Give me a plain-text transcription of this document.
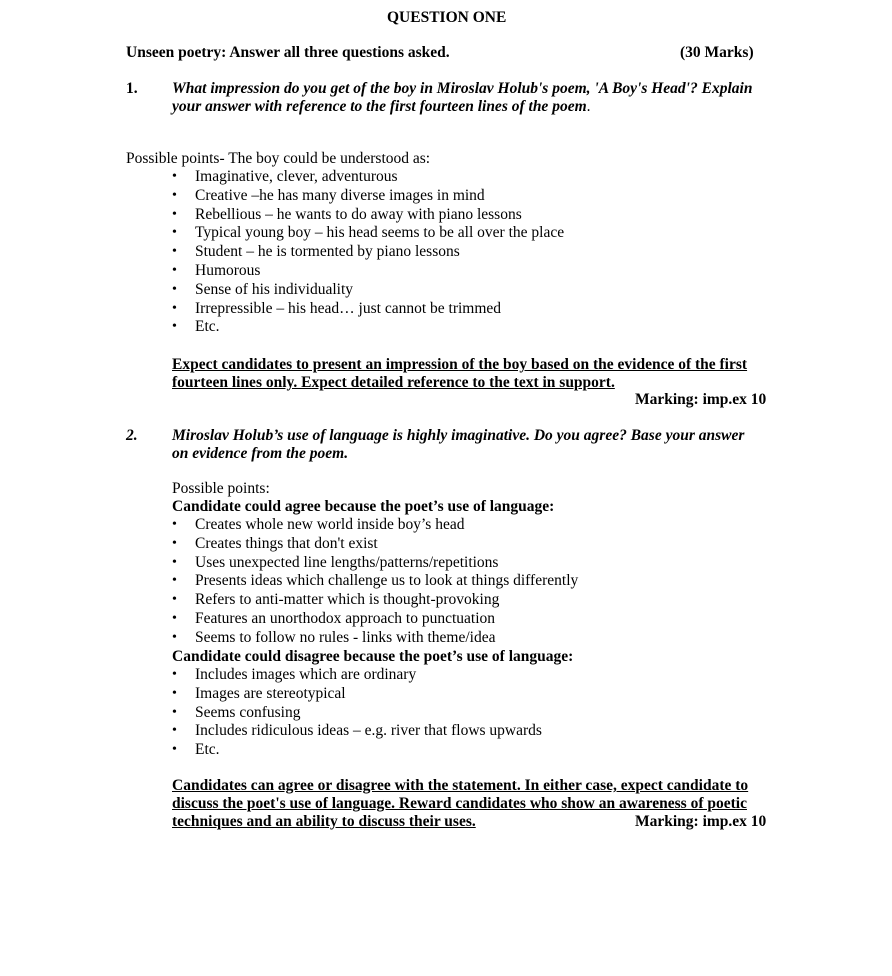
QUESTION ONE
Unseen poetry: Answer all three questions asked.	(30 Marks)
1. What impression do you get of the boy in Miroslav Holub's poem, 'A Boy's Head'? Explain
your answer with reference to the first fourteen lines of the poem.
Possible points- The boy could be understood as:
• Imaginative, clever, adventurous
• Creative –he has many diverse images in mind
• Rebellious – he wants to do away with piano lessons
• Typical young boy – his head seems to be all over the place
• Student – he is tormented by piano lessons
• Humorous
• Sense of his individuality
• Irrepressible – his head… just cannot be trimmed
• Etc.
Expect candidates to present an impression of the boy based on the evidence of the first
fourteen lines only. Expect detailed reference to the text in support.
Marking: imp.ex 10
2. Miroslav Holub’s use of language is highly imaginative. Do you agree? Base your answer
on evidence from the poem.
Possible points:
Candidate could agree because the poet’s use of language:
• Creates whole new world inside boy’s head
• Creates things that don't exist
• Uses unexpected line lengths/patterns/repetitions
• Presents ideas which challenge us to look at things differently
• Refers to anti-matter which is thought-provoking
• Features an unorthodox approach to punctuation
• Seems to follow no rules - links with theme/idea
Candidate could disagree because the poet’s use of language:
• Includes images which are ordinary
• Images are stereotypical
• Seems confusing
• Includes ridiculous ideas – e.g. river that flows upwards
• Etc.
Candidates can agree or disagree with the statement. In either case, expect candidate to
discuss the poet's use of language. Reward candidates who show an awareness of poetic
techniques and an ability to discuss their uses.	Marking: imp.ex 10
